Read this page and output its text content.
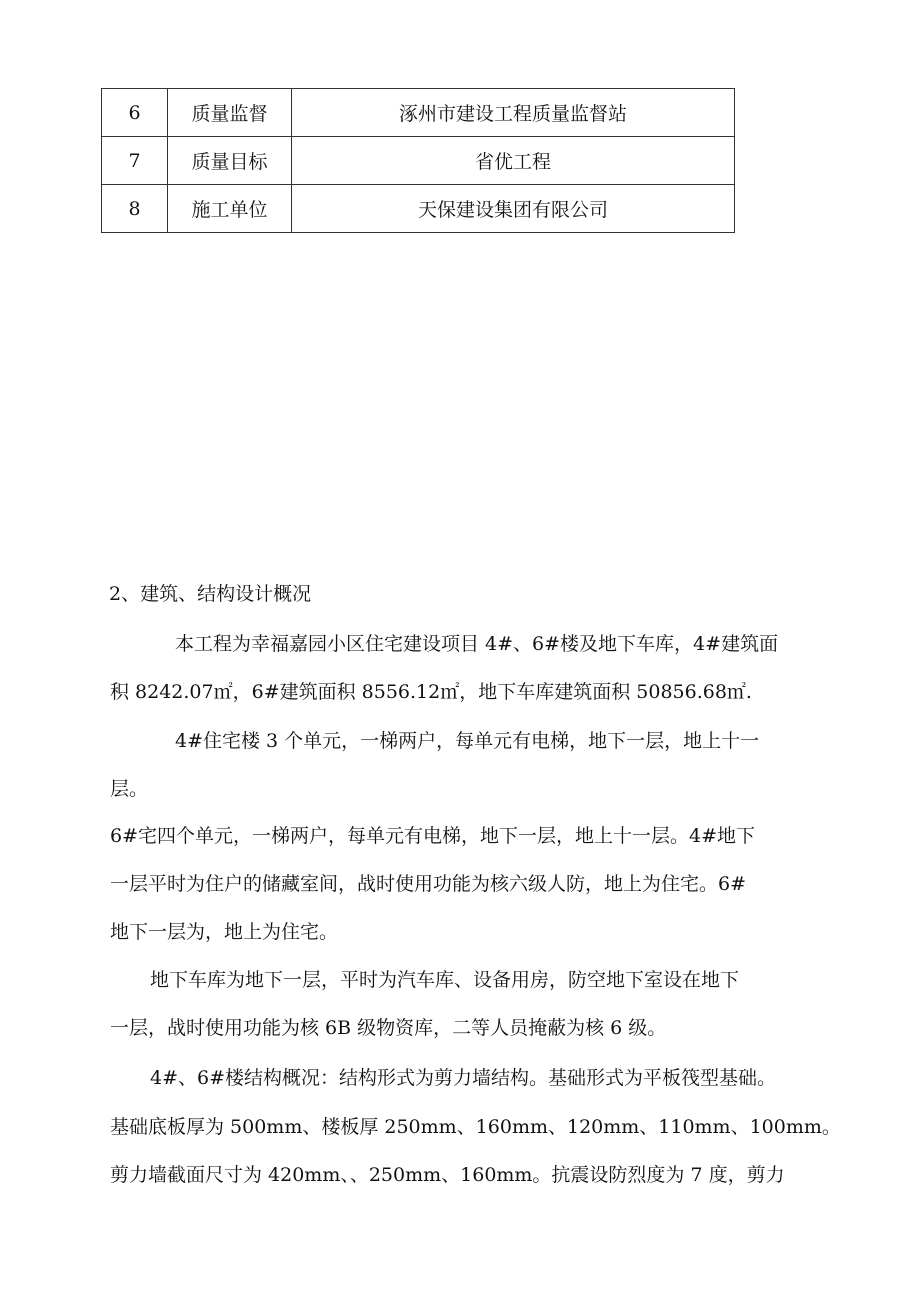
6	质量监督	涿州市建设工程质量监督站
7	质量目标	省优工程
8	施工单位	天保建设集团有限公司
2、建筑、结构设计概况
本工程为幸福嘉园小区住宅建设项目 4#、6#楼及地下车库，4#建筑面
积 8242.07㎡，6#建筑面积 8556.12㎡，地下车库建筑面积 50856.68㎡.
4#住宅楼 3 个单元，一梯两户，每单元有电梯，地下一层，地上十一
层。
6#宅四个单元，一梯两户，每单元有电梯，地下一层，地上十一层。4#地下
一层平时为住户的储藏室间，战时使用功能为核六级人防，地上为住宅。6#
地下一层为，地上为住宅。
地下车库为地下一层，平时为汽车库、设备用房，防空地下室设在地下
一层，战时使用功能为核 6B 级物资库，二等人员掩蔽为核 6 级。
4#、6#楼结构概况：结构形式为剪力墙结构。基础形式为平板筏型基础。
基础底板厚为 500mm、楼板厚 250mm、160mm、120mm、110mm、100mm。
剪力墙截面尺寸为 420mm、、250mm、160mm。抗震设防烈度为 7 度，剪力
